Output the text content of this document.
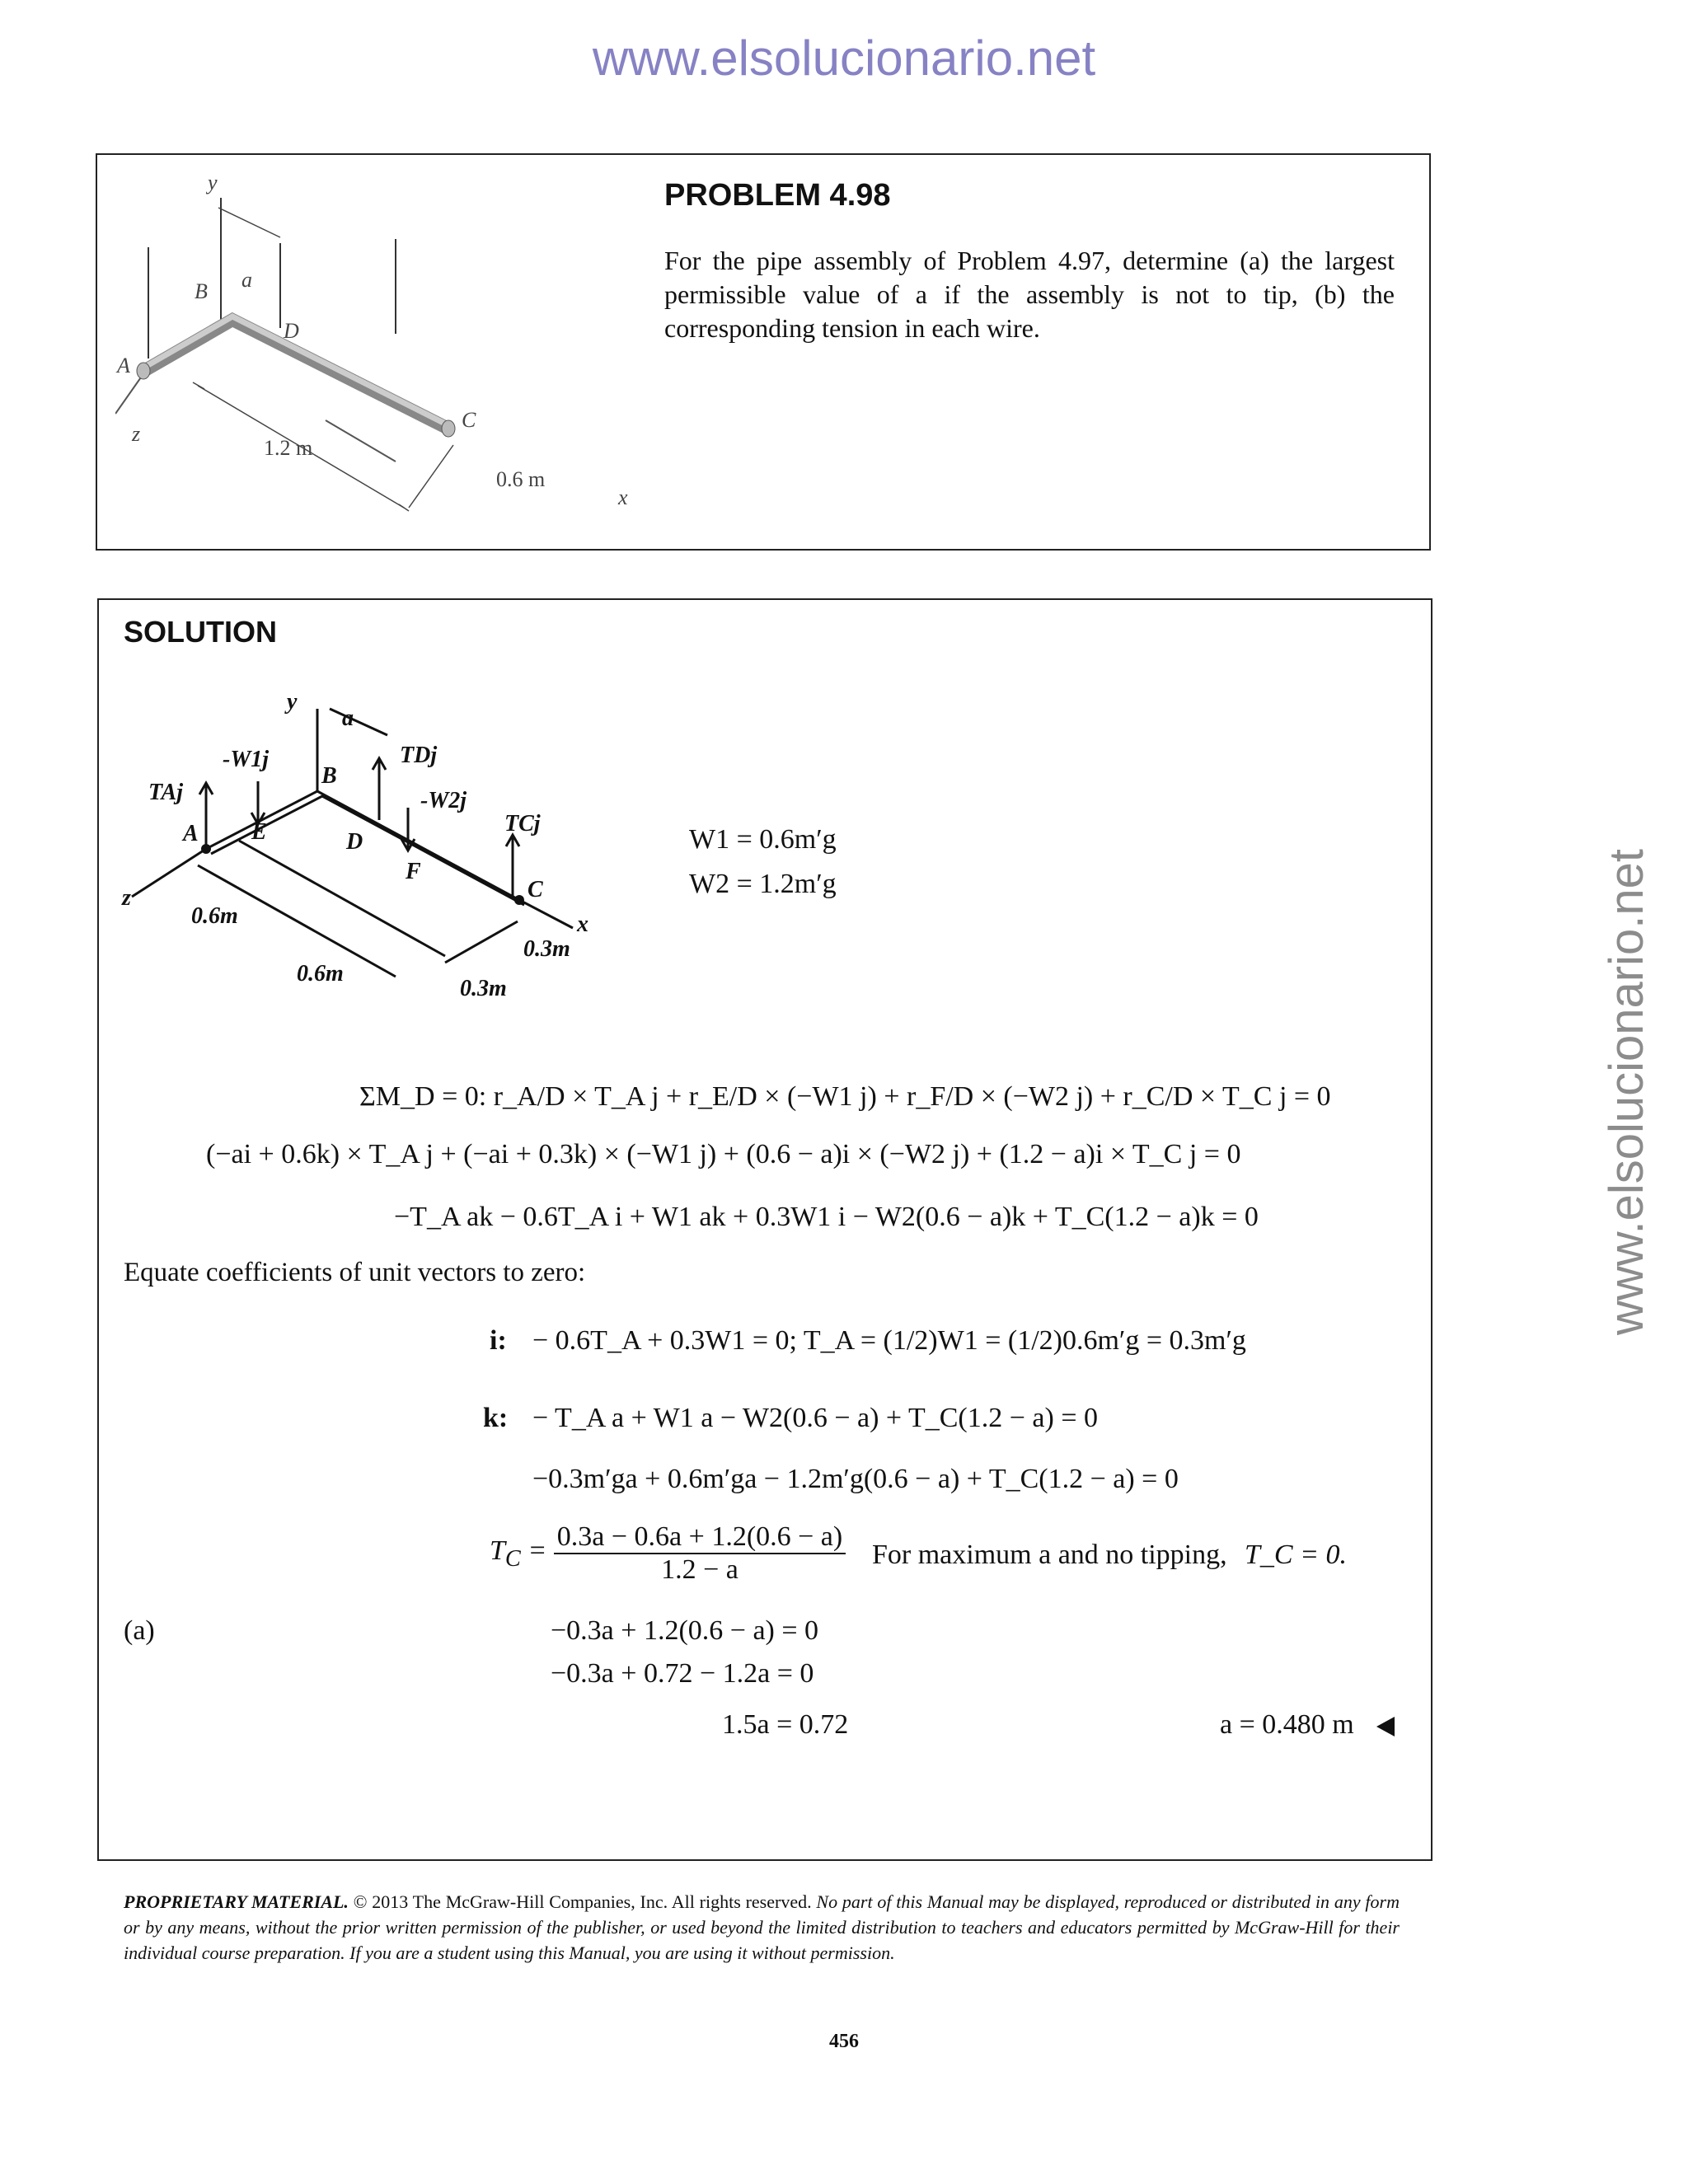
www.elsolucionario.net
www.elsolucionario.net
y
a
B
D
A
C
z
x
1.2 m
0.6 m
PROBLEM 4.98
For the pipe assembly of Problem 4.97, determine (a) the largest permissible value of a if the assembly is not to tip, (b) the corresponding tension in each wire.
SOLUTION
y
a
TAj
-W1j
B
TDj
-W2j
TCj
A E	D
F
C
z
x
0.6m
0.6m
0.3m
0.3m
W1 = 0.6m′g
W2 = 1.2m′g
ΣM_D = 0: r_A/D × T_A j + r_E/D × (−W1 j) + r_F/D × (−W2 j) + r_C/D × T_C j = 0
(−ai + 0.6k) × T_A j + (−ai + 0.3k) × (−W1 j) + (0.6 − a)i × (−W2 j) + (1.2 − a)i × T_C j = 0
−T_A ak − 0.6T_A i + W1 ak + 0.3W1 i − W2(0.6 − a)k + T_C(1.2 − a)k = 0
Equate coefficients of unit vectors to zero:
i: − 0.6T_A + 0.3W1 = 0; T_A = (1/2)W1 = (1/2)0.6m′g = 0.3m′g
k: − T_A a + W1 a − W2(0.6 − a) + T_C(1.2 − a) = 0
−0.3m′ga + 0.6m′ga − 1.2m′g(0.6 − a) + T_C(1.2 − a) = 0
$T_C = \frac{0.3a - 0.6a + 1.2(0.6 - a)}{1.2 - a}$ For maximum a and no tipping, T_C = 0.
(a)	−0.3a + 1.2(0.6 − a) = 0
−0.3a + 0.72 − 1.2a = 0
1.5a = 0.72	a = 0.480 m
PROPRIETARY MATERIAL. © 2013 The McGraw-Hill Companies, Inc. All rights reserved. No part of this Manual may be displayed, reproduced or distributed in any form or by any means, without the prior written permission of the publisher, or used beyond the limited distribution to teachers and educators permitted by McGraw-Hill for their individual course preparation. If you are a student using this Manual, you are using it without permission.
456
